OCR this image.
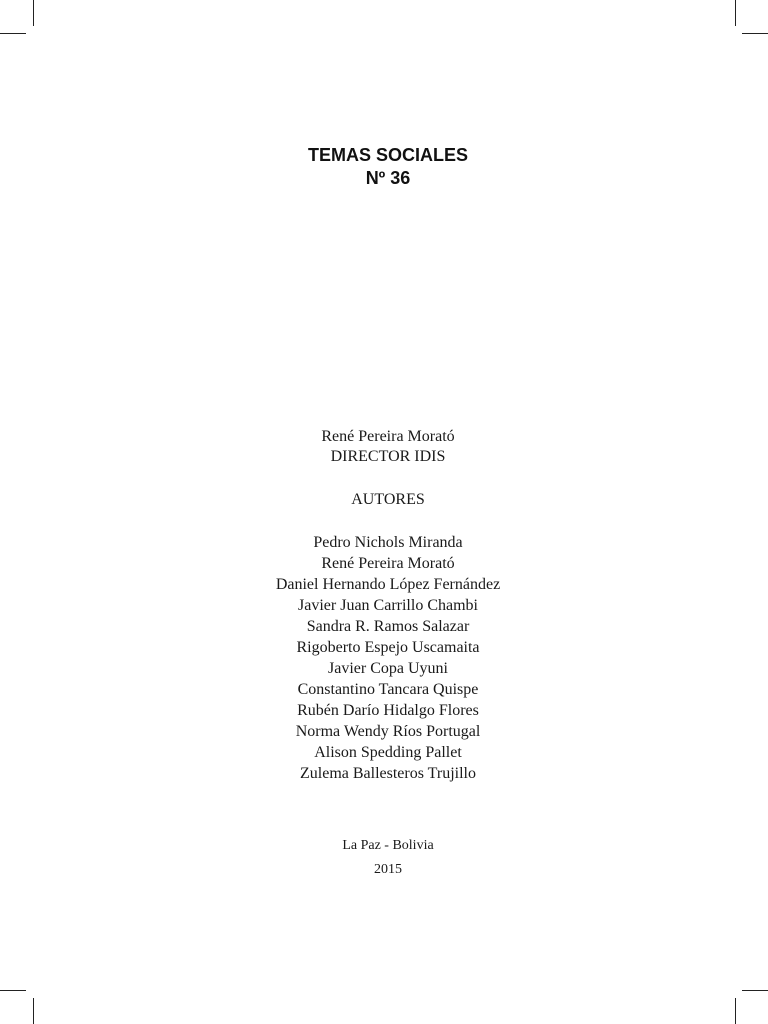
TEMAS SOCIALES
Nº 36
René Pereira Morató
DIRECTOR IDIS
AUTORES
Pedro Nichols Miranda
René Pereira Morató
Daniel Hernando López Fernández
Javier Juan Carrillo Chambi
Sandra R. Ramos Salazar
Rigoberto Espejo Uscamaita
Javier Copa Uyuni
Constantino Tancara Quispe
Rubén Darío Hidalgo Flores
Norma Wendy Ríos Portugal
Alison Spedding Pallet
Zulema Ballesteros Trujillo
La Paz - Bolivia
2015
